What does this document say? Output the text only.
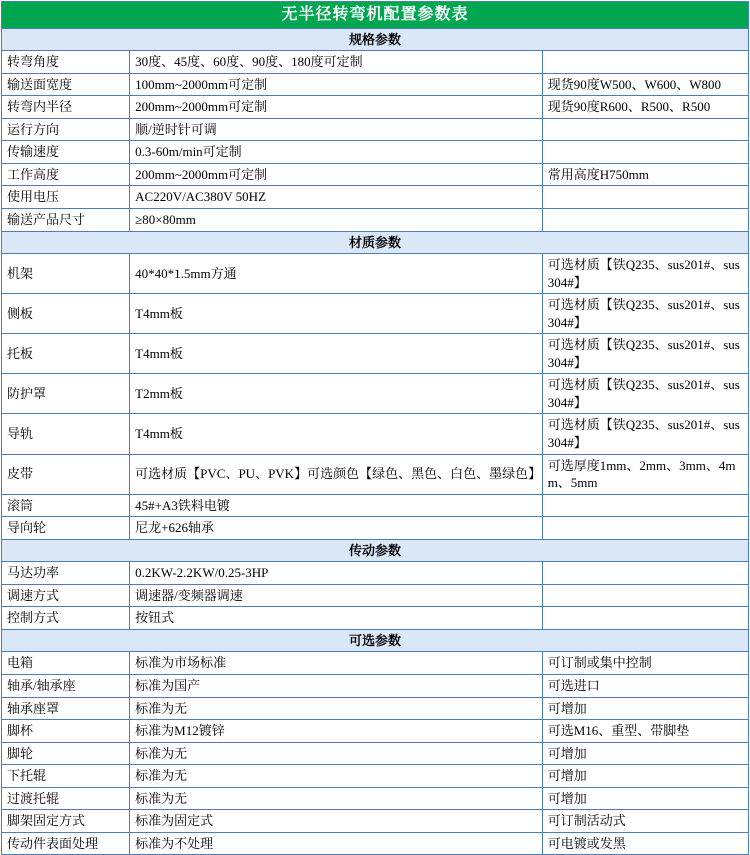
无半径转弯机配置参数表		
规格参数		
转弯角度	30度、45度、60度、90度、180度可定制	
输送面宽度	100mm~2000mm可定制	现货90度W500、W600、W800
转弯内半径	200mm~2000mm可定制	现货90度R600、R500、R500
运行方向	顺/逆时针可调	
传输速度	0.3-60m/min可定制	
工作高度	200mm~2000mm可定制	常用高度H750mm
使用电压	AC220V/AC380V 50HZ	
输送产品尺寸	≥80×80mm	
材质参数		
机架	40*40*1.5mm方通	可选材质【铁Q235、sus201#、sus304#】
侧板	T4mm板	可选材质【铁Q235、sus201#、sus304#】
托板	T4mm板	可选材质【铁Q235、sus201#、sus304#】
防护罩	T2mm板	可选材质【铁Q235、sus201#、sus304#】
导轨	T4mm板	可选材质【铁Q235、sus201#、sus304#】
皮带	可选材质【PVC、PU、PVK】可选颜色【绿色、黑色、白色、墨绿色】	可选厚度1mm、2mm、3mm、4mm、5mm
滚筒	45#+A3铁料电镀	
导向轮	尼龙+626轴承	
传动参数		
马达功率	0.2KW-2.2KW/0.25-3HP	
调速方式	调速器/变频器调速	
控制方式	按钮式	
可选参数		
电箱	标准为市场标准	可订制或集中控制
轴承/轴承座	标准为国产	可选进口
轴承座罩	标准为无	可增加
脚杯	标准为M12镀锌	可选M16、重型、带脚垫
脚轮	标准为无	可增加
下托辊	标准为无	可增加
过渡托辊	标准为无	可增加
脚架固定方式	标准为固定式	可订制活动式
传动件表面处理	标准为不处理	可电镀或发黑
